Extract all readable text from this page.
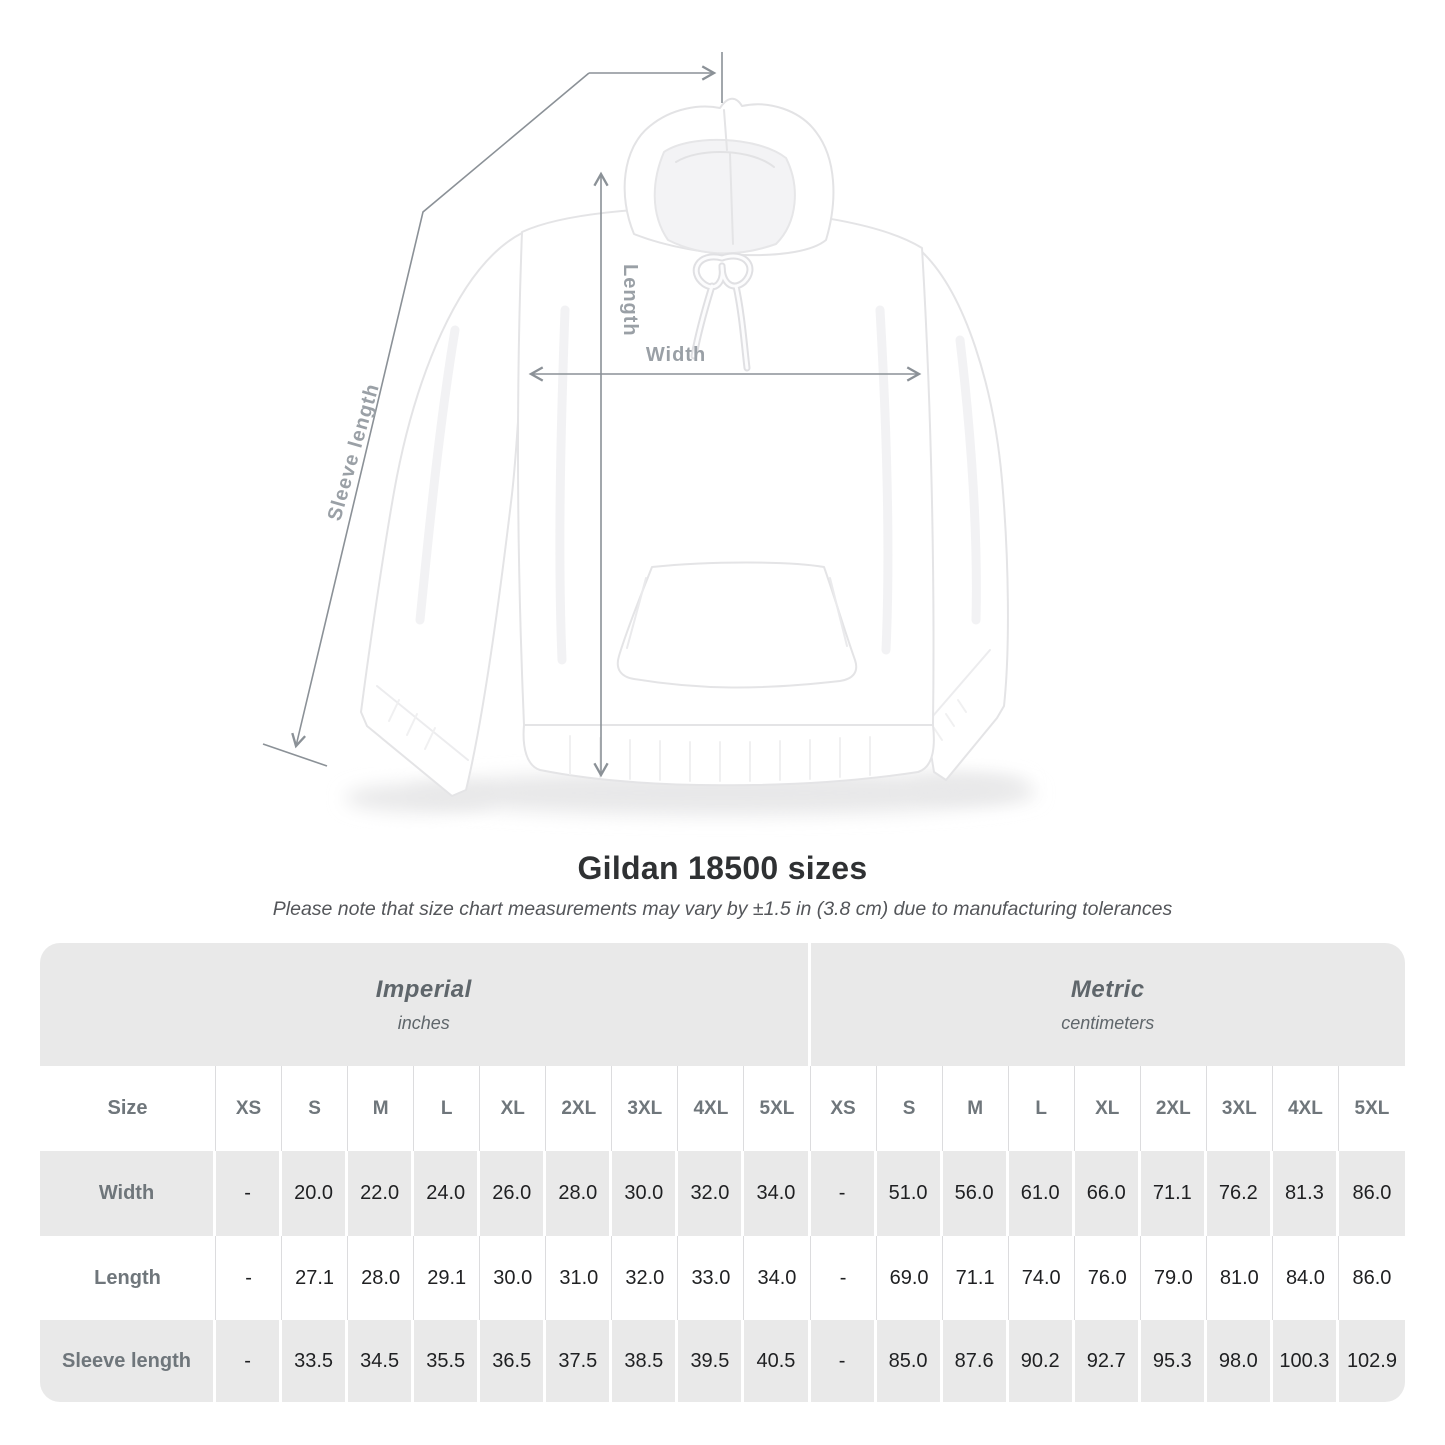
Length
Width
Sleeve length
Gildan 18500 sizes

Please note that size chart measurements may vary by ±1.5 in (3.8 cm) due to manufacturing tolerances

Imperial
inches
Metric
centimeters
Size	XS	S	M	L	XL	2XL	3XL	4XL	5XL	XS	S	M	L	XL	2XL	3XL	4XL	5XL
Width	-	20.0	22.0	24.0	26.0	28.0	30.0	32.0	34.0	-	51.0	56.0	61.0	66.0	71.1	76.2	81.3	86.0
Length	-	27.1	28.0	29.1	30.0	31.0	32.0	33.0	34.0	-	69.0	71.1	74.0	76.0	79.0	81.0	84.0	86.0
Sleeve length	-	33.5	34.5	35.5	36.5	37.5	38.5	39.5	40.5	-	85.0	87.6	90.2	92.7	95.3	98.0	100.3 102.9
